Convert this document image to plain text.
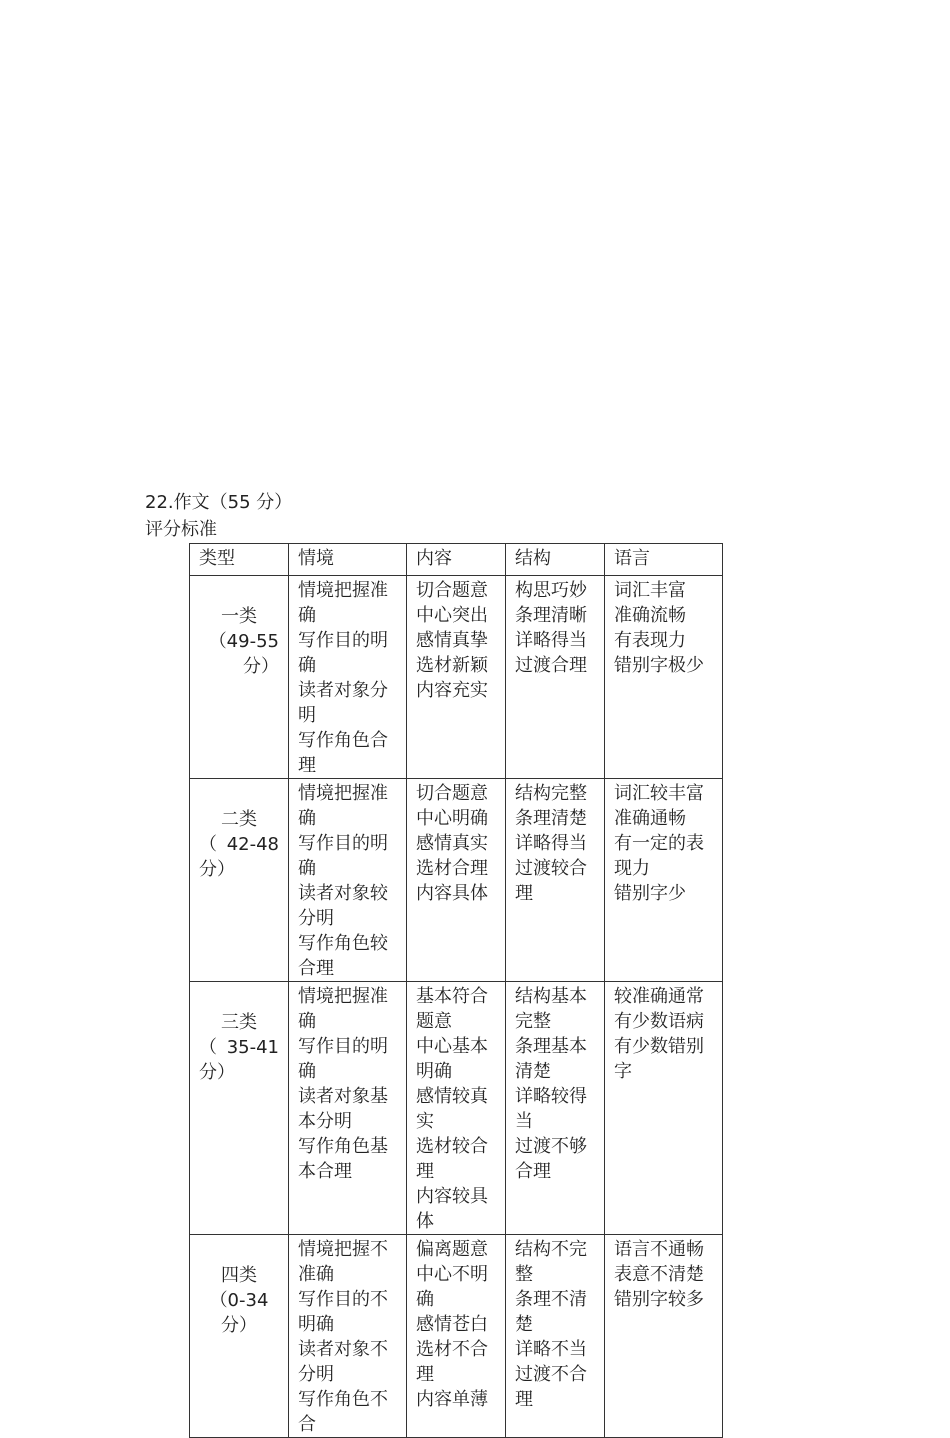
22.作文（55 分）
评分标准
类型	情境	内容	结构	语言

一类
（49-55
分）	情境把握准确
写作目的明确
读者对象分明
写作角色合理	切合题意
中心突出
感情真挚
选材新颖
内容充实	构思巧妙
条理清晰
详略得当
过渡合理	词汇丰富
准确流畅
有表现力
错别字极少

二类
（ 42-48
分）	情境把握准确
写作目的明确
读者对象较分明
写作角色较合理	切合题意
中心明确
感情真实
选材合理
内容具体	结构完整
条理清楚
详略得当
过渡较合理	词汇较丰富
准确通畅
有一定的表现力
错别字少

三类
（ 35-41
分）	情境把握准确
写作目的明确
读者对象基本分明
写作角色基本合理	基本符合题意
中心基本明确
感情较真实
选材较合理
内容较具体	结构基本完整
条理基本清楚
详略较得当
过渡不够合理	较准确通常
有少数语病
有少数错别字

四类
（0-34 分）	情境把握不准确
写作目的不明确
读者对象不分明
写作角色不合	偏离题意
中心不明确
感情苍白
选材不合理
内容单薄	结构不完整
条理不清楚
详略不当
过渡不合理	语言不通畅
表意不清楚
错别字较多
